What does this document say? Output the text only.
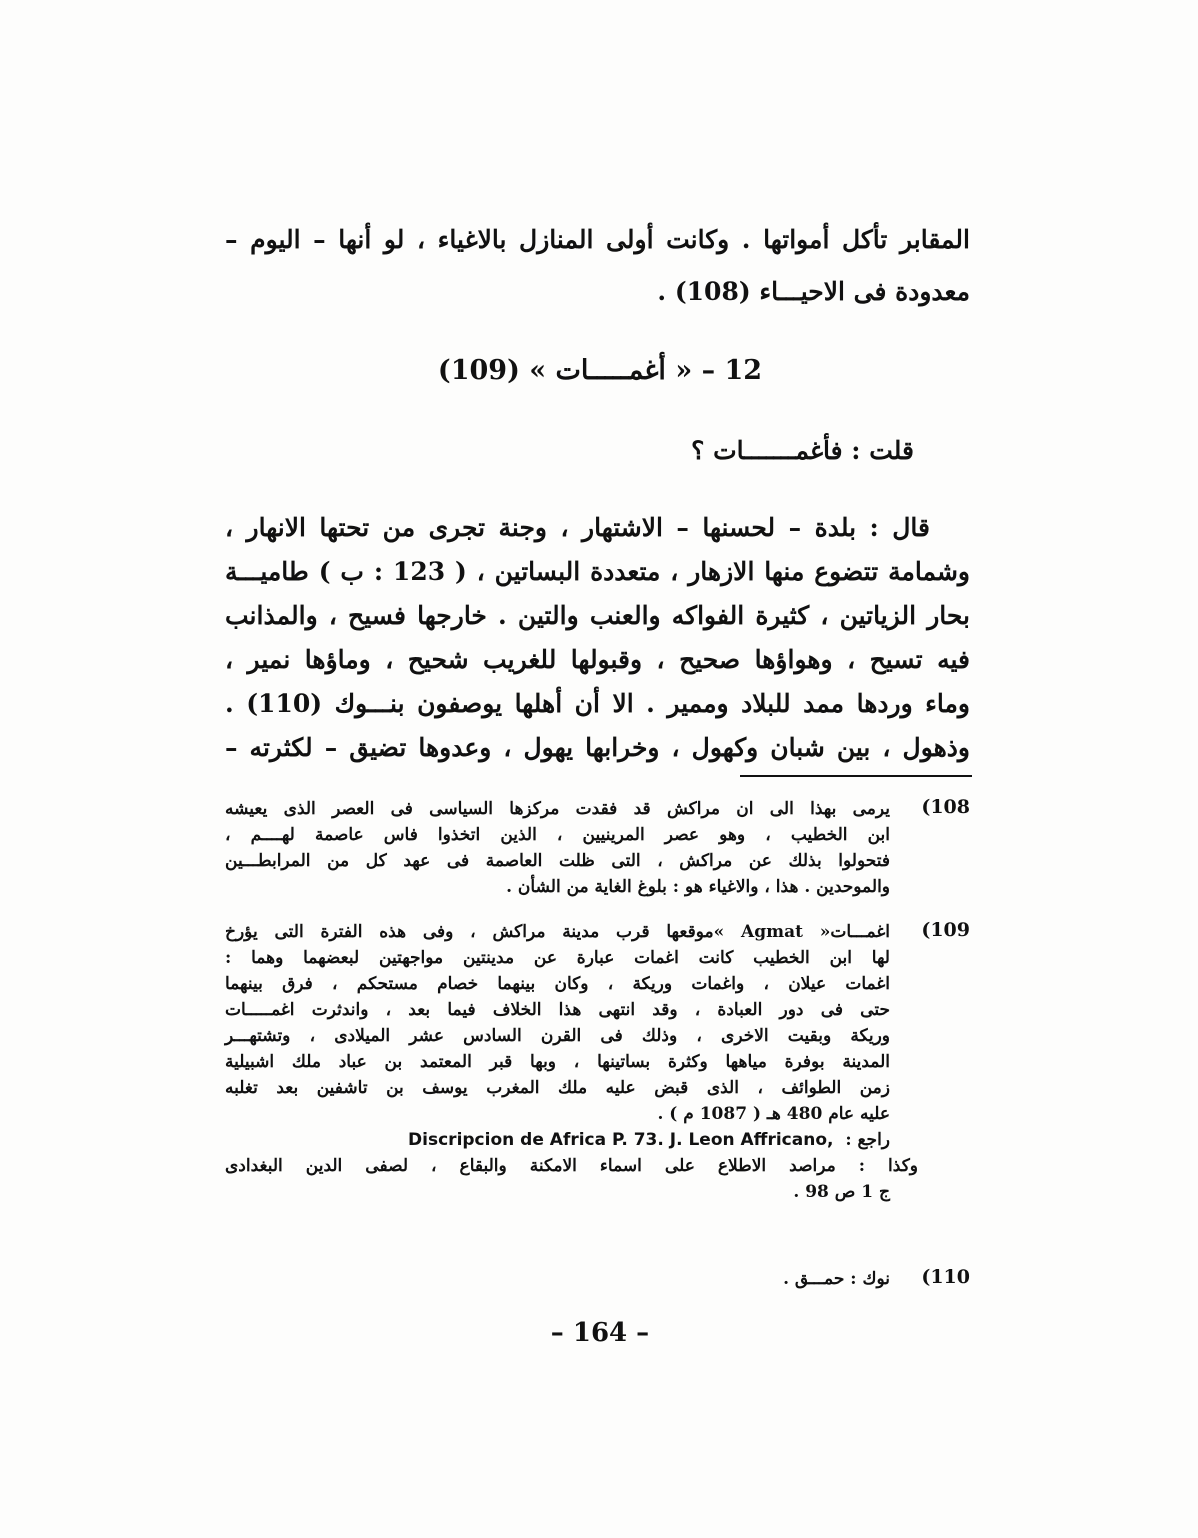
المقابر تأكل أمواتها . وكانت أولى المنازل بالاغياء ، لو أنها – اليوم –
معدودة فى الاحيـــاء (108) .
12 – « أغمـــــات » (109)
قلت : فأغمـــــــات ؟
قال : بلدة – لحسنها – الاشتهار ، وجنة تجرى من تحتها الانهار ،
وشمامة تتضوع منها الازهار ، متعددة البساتين ، ( 123 : ب ) طاميـــة
بحار الزياتين ، كثيرة الفواكه والعنب والتين . خارجها فسيح ، والمذانب
فيه تسيح ، وهواؤها صحيح ، وقبولها للغريب شحيح ، وماؤها نمير ،
وماء وردها ممد للبلاد وممير . الا أن أهلها يوصفون بنـــوك (110) .
وذهول ، بين شبان وكهول ، وخرابها يهول ، وعدوها تضيق – لكثرته –
108)
يرمى بهذا الى ان مراكش قد فقدت مركزها السياسى فى العصر الذى يعيشه
ابن الخطيب ، وهو عصر المرينيين ، الذين اتخذوا فاس عاصمة لهــــم ،
فتحولوا بذلك عن مراكش ، التى ظلت العاصمة فى عهد كل من المرابطـــين
والموحدين . هذا ، والاغياء هو : بلوغ الغاية من الشأن .
109)
اغمـــات« Agmat »موقعها قرب مدينة مراكش ، وفى هذه الفترة التى يؤرخ
لها ابن الخطيب كانت اغمات عبارة عن مدينتين مواجهتين لبعضهما وهما :
اغمات عيلان ، واغمات وريكة ، وكان بينهما خصام مستحكم ، فرق بينهما
حتى فى دور العبادة ، وقد انتهى هذا الخلاف فيما بعد ، واندثرت اغمـــــات
وريكة وبقيت الاخرى ، وذلك فى القرن السادس عشر الميلادى ، وتشتهـــر
المدينة بوفرة مياهها وكثرة بساتينها ، وبها قبر المعتمد بن عباد ملك اشبيلية
زمن الطوائف ، الذى قبض عليه ملك المغرب يوسف بن تاشفين بعد تغلبه
عليه عام 480 هـ ( 1087 م ) .
راجع :  Discripcion de Africa P. 73. J. Leon Affricano,
وكذا : مراصد الاطلاع على اسماء الامكنة والبقاع ، لصفى الدين البغدادى
ج 1 ص 98 .
110)
نوك : حمـــق .
– 164 –
